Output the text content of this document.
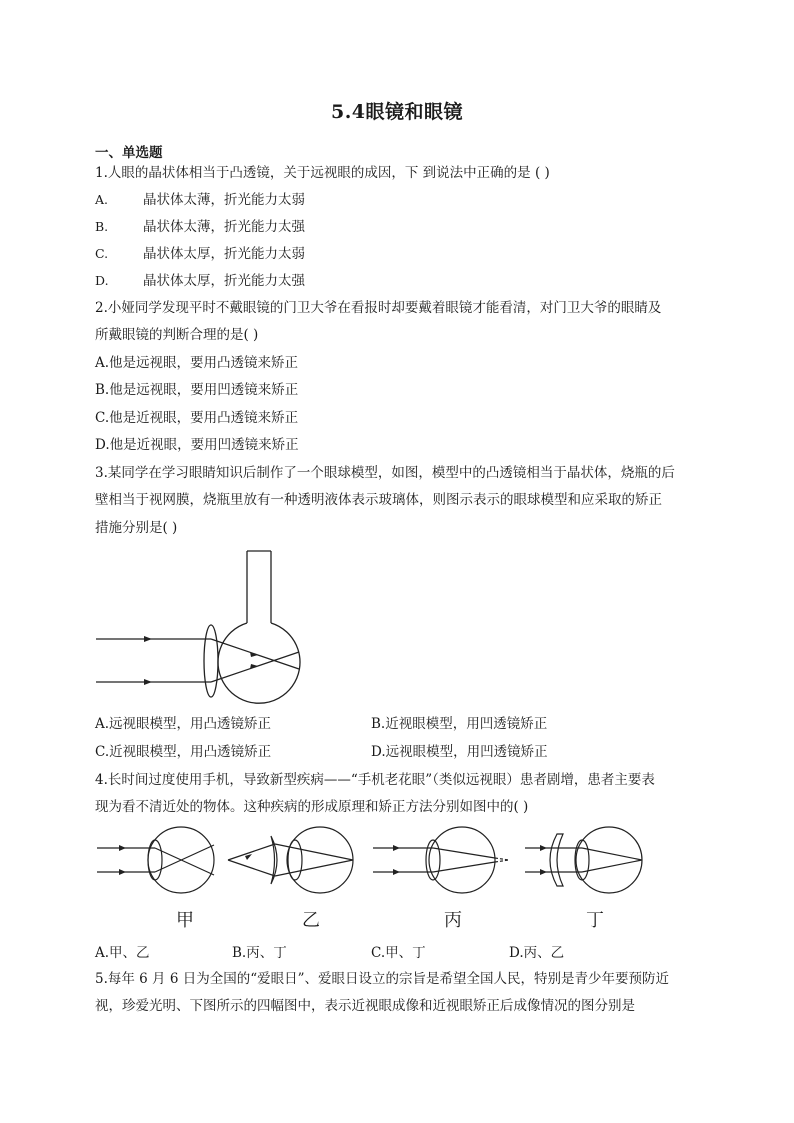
5.4眼镜和眼镜
一、单选题
1.人眼的晶状体相当于凸透镜，关于远视眼的成因，下 到说法中正确的是 ( )
A.	晶状体太薄，折光能力太弱
B.	晶状体太薄，折光能力太强
C.	晶状体太厚，折光能力太弱
D.	晶状体太厚，折光能力太强
2.小娅同学发现平时不戴眼镜的门卫大爷在看报时却要戴着眼镜才能看清，对门卫大爷的眼睛及
所戴眼镜的判断合理的是( )
A.他是远视眼，要用凸透镜来矫正
B.他是远视眼，要用凹透镜来矫正
C.他是近视眼，要用凸透镜来矫正
D.他是近视眼，要用凹透镜来矫正
3.某同学在学习眼睛知识后制作了一个眼球模型，如图，模型中的凸透镜相当于晶状体，烧瓶的后
壁相当于视网膜，烧瓶里放有一种透明液体表示玻璃体，则图示表示的眼球模型和应采取的矫正
措施分别是( )
A.远视眼模型，用凸透镜矫正	B.近视眼模型，用凹透镜矫正
C.近视眼模型，用凸透镜矫正	D.远视眼模型，用凹透镜矫正
4.长时间过度使用手机，导致新型疾病——“手机老花眼”（类似远视眼）患者剧增，患者主要表
现为看不清近处的物体。这种疾病的形成原理和矫正方法分别如图中的( )
甲	乙	丙	丁
A.甲、乙	B.丙、丁	C.甲、丁	D.丙、乙
5.每年 6 月 6 日为全国的“爱眼日”、爱眼日设立的宗旨是希望全国人民，特别是青少年要预防近
视，珍爱光明、下图所示的四幅图中，表示近视眼成像和近视眼矫正后成像情况的图分别是
